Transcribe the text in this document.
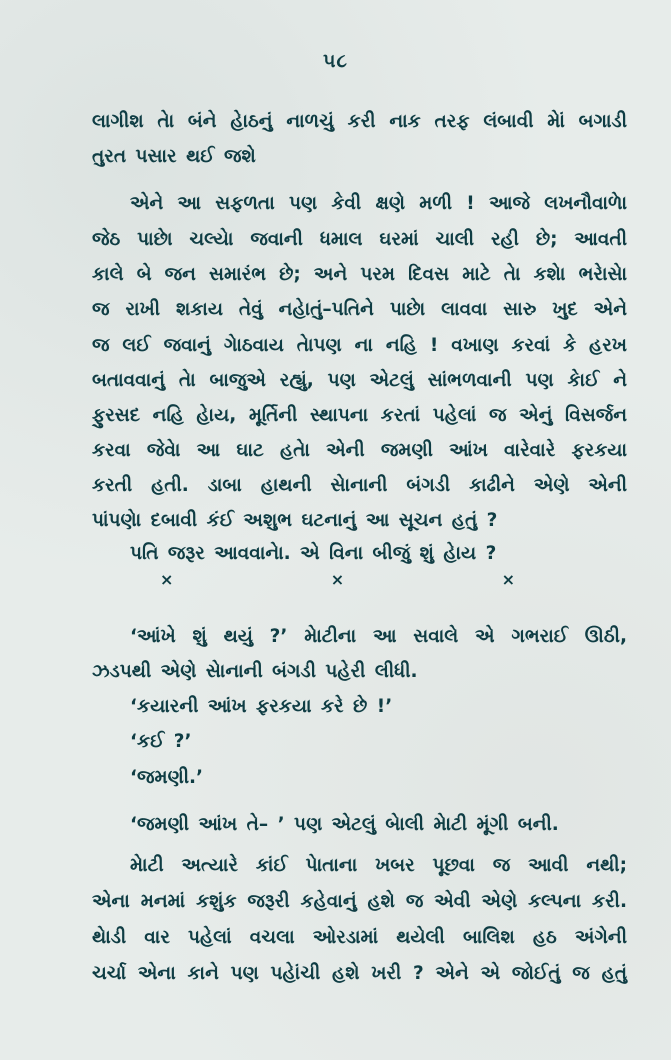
૫૮
લાગીશ તેા બંને હેાઠનું નાળચું કરી નાક તરફ લંબાવી મેાં બગાડી
તુરત પસાર થઈ જશે
એને આ સફળતા પણ કેવી ક્ષણે મળી ! આજે લખનૌવાળેા
જેઠ પાછેા ચલ્યેા જવાની ધમાલ ઘરમાં ચાલી રહી છે; આવતી
કાલે બે જન સમારંભ છે; અને પરમ દિવસ માટે તેા કશેા ભરેાસેા
જ રાખી શકાય તેવું નહેાતું–પતિને પાછેા લાવવા સારુ ખુદ એને
જ લઈ જવાનું ગેાઠવાય તેાપણ ના નહિ ! વખાણ કરવાં કે હરખ
બતાવવાનું તેા બાજુએ રહ્યું, પણ એટલું સાંભળવાની પણ કેાઈ ને
ફુરસદ નહિ હેાય, મૂર્તિની સ્થાપના કરતાં પહેલાં જ એનું વિસર્જન
કરવા જેવેા આ ઘાટ હતેા એની જમણી આંખ વારેવારે ફરકયા
કરતી હતી. ડાબા હાથની સેાનાની બંગડી કાઢીને એણે એની
પાંપણેા દબાવી કંઈ અશુભ ઘટનાનું આ સૂચન હતું ?
પતિ જરૂર આવવાનેા. એ વિના બીજું શું હેાય ?
×	×	×
‘આંખે શું થયું ?’ મેાટીના આ સવાલે એ ગભરાઈ ઊઠી,
ઝડપથી એણે સેાનાની બંગડી પહેરી લીધી.
‘કયારની આંખ ફરકયા કરે છે !’
‘કઈ ?’
‘જમણી.’
‘જમણી આંખ તે– ’ પણ એટલું બેાલી મેાટી મૂંગી બની.
મેાટી અત્યારે કાંઈ પેાતાના ખબર પૂછવા જ આવી નથી;
એના મનમાં કશુંક જરૂરી કહેવાનું હશે જ એવી એણે કલ્પના કરી.
થેાડી વાર પહેલાં વચલા ઓરડામાં થયેલી બાલિશ હઠ અંગેની
ચર્ચા એના કાને પણ પહેાંચી હશે ખરી ? એને એ જોઈતું જ હતું
